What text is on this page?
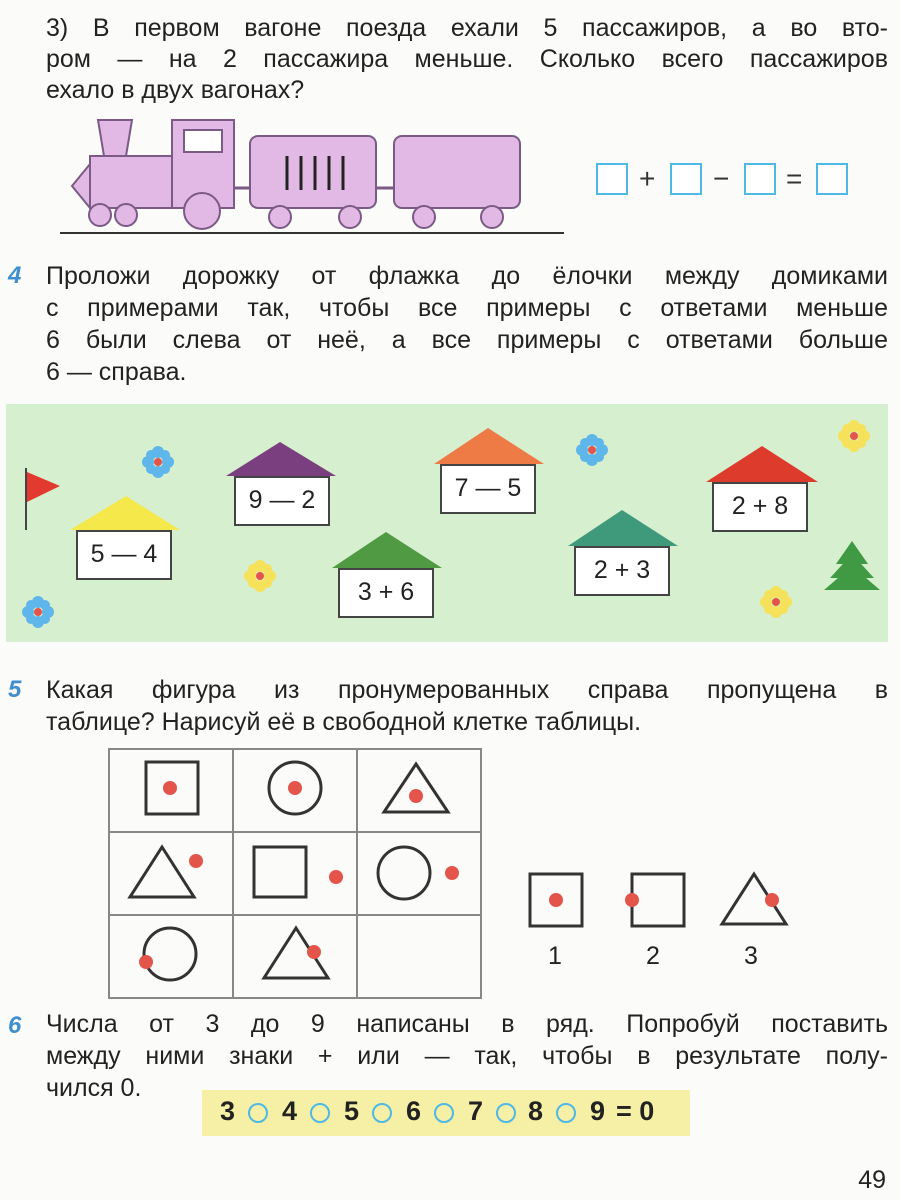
3) В первом вагоне поезда ехали 5 пассажиров, а во вто-
ром — на 2 пассажира меньше. Сколько всего пассажиров
ехало в двух вагонах?
+ − =
4 Проложи дорожку от флажка до ёлочки между домиками
с примерами так, чтобы все примеры с ответами меньше
6 были слева от неё, а все примеры с ответами больше
6 — справа.
5 — 4
9 — 2
3 + 6
7 — 5
2 + 3
2 + 8
5 Какая фигура из пронумерованных справа пропущена в
таблице? Нарисуй её в свободной клетке таблицы.

1	2	3
6 Числа от 3 до 9 написаны в ряд. Попробуй поставить
между ними знаки + или — так, чтобы в результате полу-
чился 0.
3 4 5 6 7 8 9 = 0
49
